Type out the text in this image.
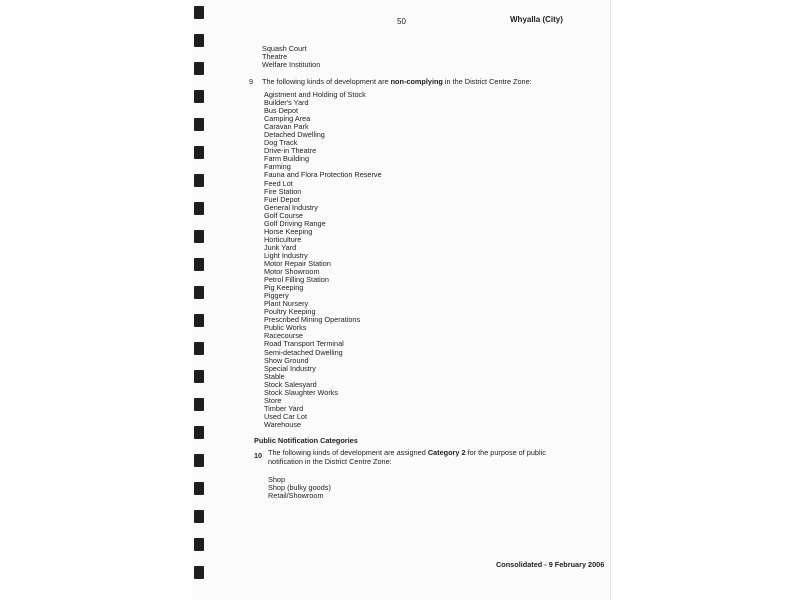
50	Whyalla (City)
Squash Court
Theatre
Welfare Institution
9 The following kinds of development are non-complying in the District Centre Zone:
Agistment and Holding of Stock
Builder's Yard
Bus Depot
Camping Area
Caravan Park
Detached Dwelling
Dog Track
Drive-in Theatre
Farm Building
Farming
Fauna and Flora Protection Reserve
Feed Lot
Fire Station
Fuel Depot
General Industry
Golf Course
Golf Driving Range
Horse Keeping
Horticulture
Junk Yard
Light Industry
Motor Repair Station
Motor Showroom
Petrol Filling Station
Pig Keeping
Piggery
Plant Nursery
Poultry Keeping
Prescribed Mining Operations
Public Works
Racecourse
Road Transport Terminal
Semi-detached Dwelling
Show Ground
Special Industry
Stable
Stock Salesyard
Stock Slaughter Works
Store
Timber Yard
Used Car Lot
Warehouse
Public Notification Categories
10 The following kinds of development are assigned Category 2 for the purpose of public
notification in the District Centre Zone:
Shop
Shop (bulky goods)
Retail/Showroom
Consolidated - 9 February 2006
